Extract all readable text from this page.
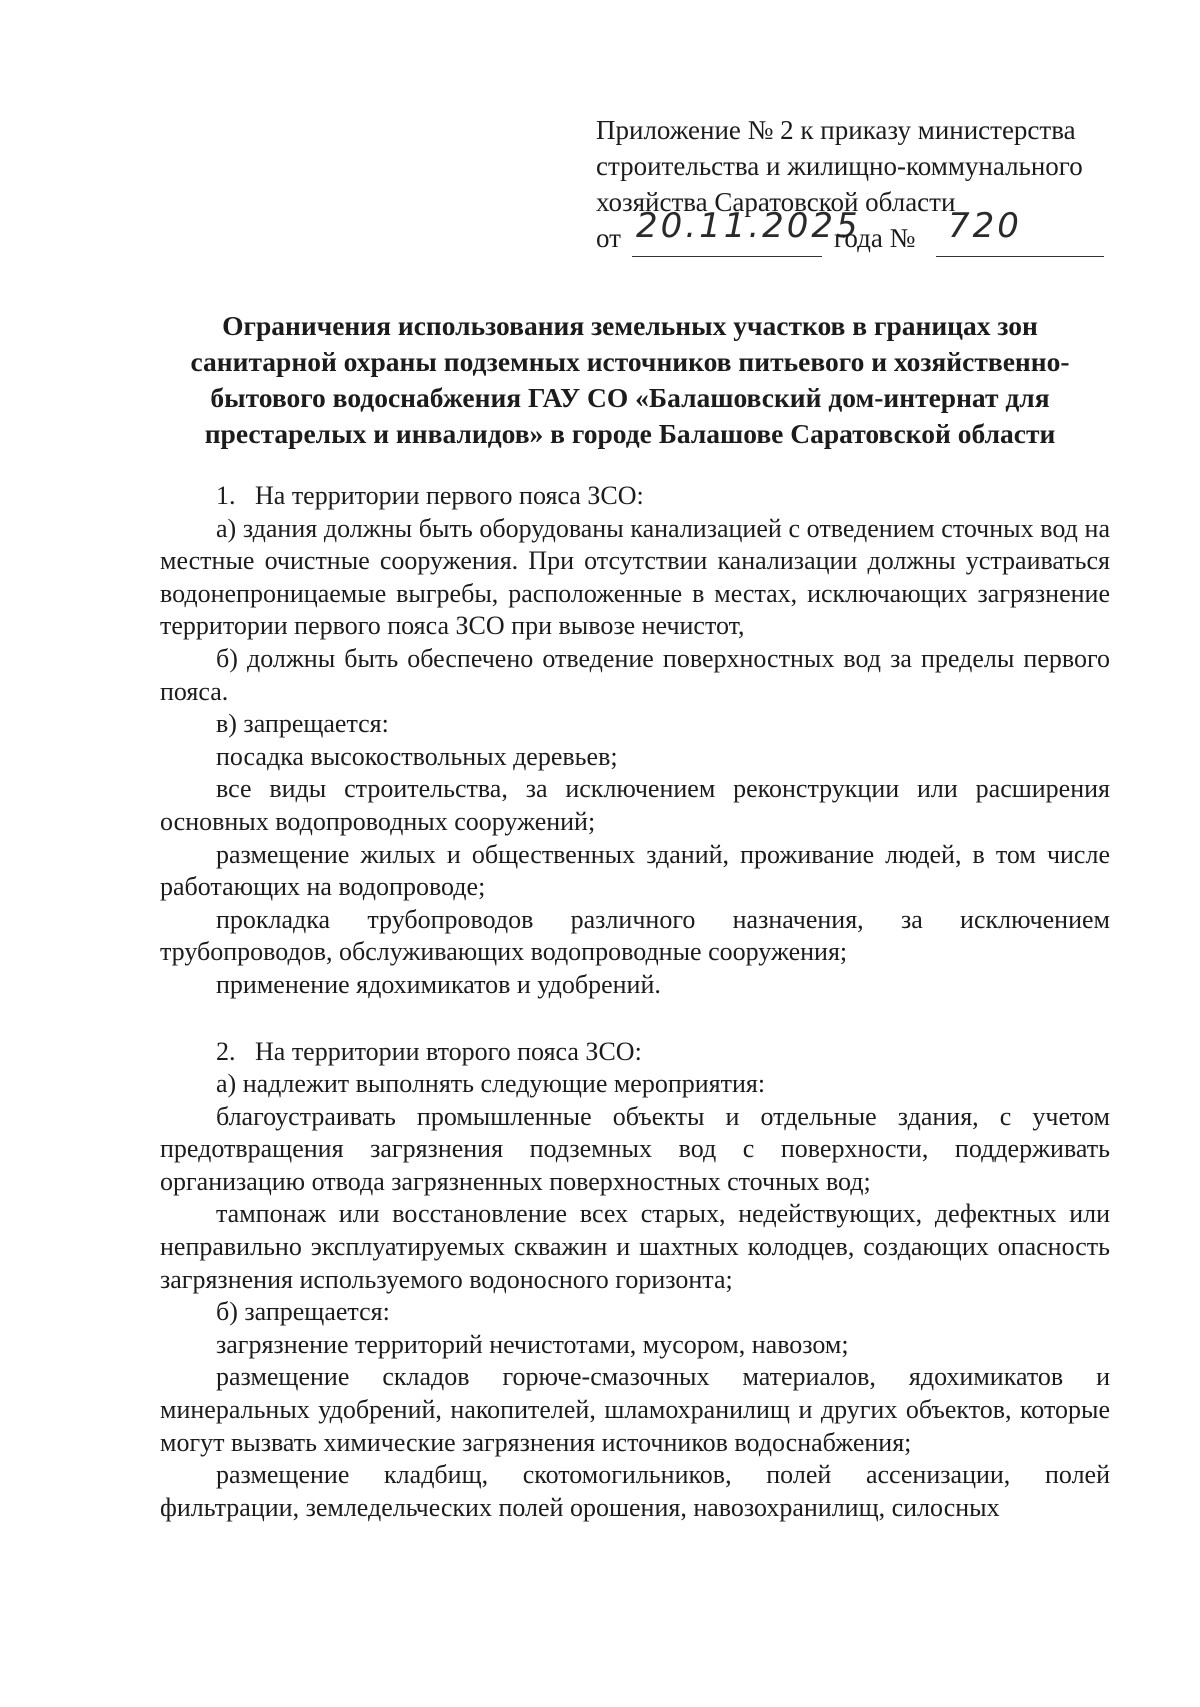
Приложение № 2 к приказу министерства
строительства и жилищно-коммунального
хозяйства Саратовской области
от 20.11.2025
года № 720
Ограничения использования земельных участков в границах зон санитарной охраны подземных источников питьевого и хозяйственно-бытового водоснабжения ГАУ СО «Балашовский дом-интернат для престарелых и инвалидов» в городе Балашове Саратовской области

1.   На территории первого пояса ЗСО:

а) здания должны быть оборудованы канализацией с отведением сточных вод на местные очистные сооружения. При отсутствии канализации должны устраиваться водонепроницаемые выгребы, расположенные в местах, исключающих загрязнение территории первого пояса ЗСО при вывозе нечистот,

б) должны быть обеспечено отведение поверхностных вод за пределы первого пояса.

в) запрещается:

посадка высокоствольных деревьев;

все виды строительства, за исключением реконструкции или расширения основных водопроводных сооружений;

размещение жилых и общественных зданий, проживание людей, в том числе работающих на водопроводе;

прокладка трубопроводов различного назначения, за исключением трубопроводов, обслуживающих водопроводные сооружения;

применение ядохимикатов и удобрений.

2.   На территории второго пояса ЗСО:

а) надлежит выполнять следующие мероприятия:

благоустраивать промышленные объекты и отдельные здания, с учетом предотвращения загрязнения подземных вод с поверхности, поддерживать организацию отвода загрязненных поверхностных сточных вод;

тампонаж или восстановление всех старых, недействующих, дефектных или неправильно эксплуатируемых скважин и шахтных колодцев, создающих опасность загрязнения используемого водоносного горизонта;

б) запрещается:

загрязнение территорий нечистотами, мусором, навозом;

размещение складов горюче-смазочных материалов, ядохимикатов и минеральных удобрений, накопителей, шламохранилищ и других объектов, которые могут вызвать химические загрязнения источников водоснабжения;

размещение кладбищ, скотомогильников, полей ассенизации, полей фильтрации, земледельческих полей орошения, навозохранилищ, силосных
